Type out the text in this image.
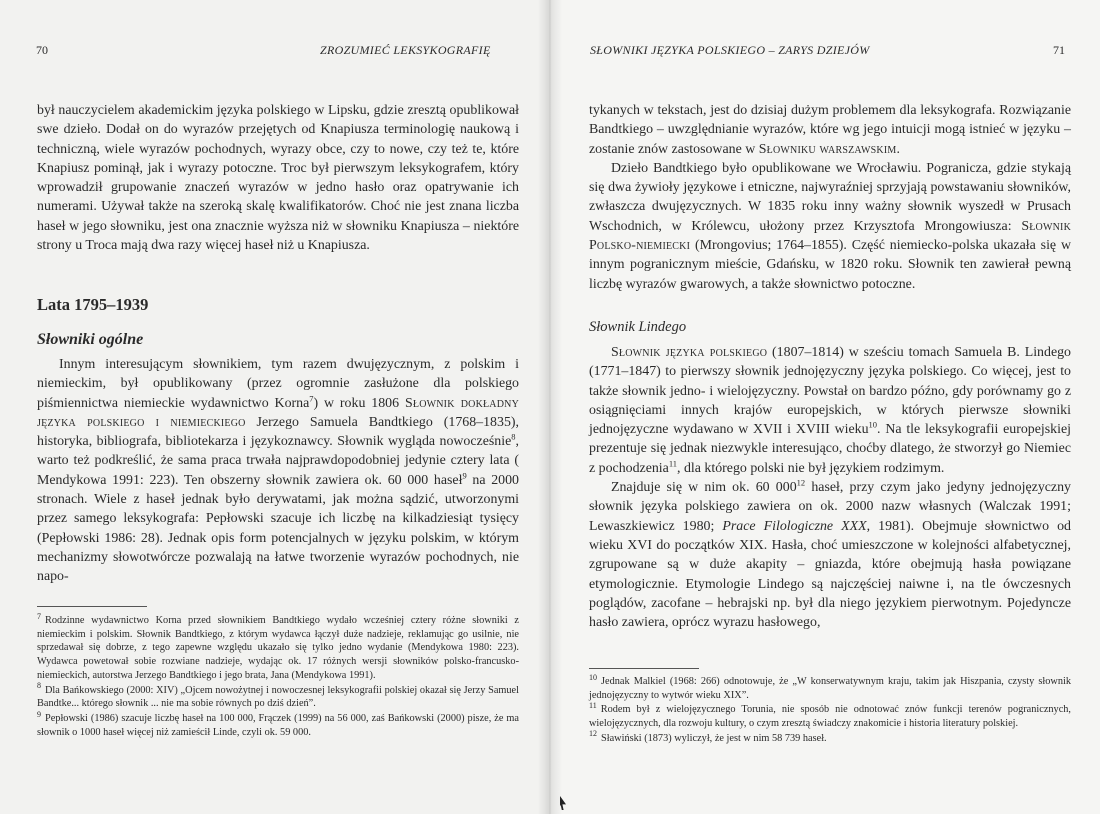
70	ZROZUMIEĆ LEKSYKOGRAFIĘ

był nauczycielem akademickim języka polskiego w Lipsku, gdzie zresztą opublikował swe dzieło. Dodał on do wyrazów przejętych od Knapiusza terminologię naukową i techniczną, wiele wyrazów pochodnych, wyrazy obce, czy to nowe, czy też te, które Knapiusz pominął, jak i wyrazy potoczne. Troc był pierwszym leksykografem, który wprowadził grupowanie znaczeń wyrazów w jedno hasło oraz opatrywanie ich numerami. Używał także na szeroką skalę kwalifikatorów. Choć nie jest znana liczba haseł w jego słowniku, jest ona znacznie wyższa niż w słowniku Knapiusza – niektóre strony u Troca mają dwa razy więcej haseł niż u Knapiusza.

Lata 1795–1939
Słowniki ogólne

Innym interesującym słownikiem, tym razem dwujęzycznym, z polskim i niemieckim, był opublikowany (przez ogromnie zasłużone dla polskiego piśmiennictwa niemieckie wydawnictwo Korna$^7$) w roku 1806 Słownik dokładny języka polskiego i niemieckiego Jerzego Samuela Bandtkiego (1768–1835), historyka, bibliografa, bibliotekarza i językoznawcy. Słownik wygląda nowocześnie$^8$, warto też podkreślić, że sama praca trwała najprawdopodobniej jedynie cztery lata ( Mendykowa 1991: 223). Ten obszerny słownik zawiera ok. 60 000 haseł$^9$ na 2000 stronach. Wiele z haseł jednak było derywatami, jak można sądzić, utworzonymi przez samego leksykografa: Pepłowski szacuje ich liczbę na kilkadziesiąt tysięcy (Pepłowski 1986: 28). Jednak opis form potencjalnych w języku polskim, w którym mechanizmy słowotwórcze pozwalają na łatwe tworzenie wyrazów pochodnych, nie napo-

$^7$ Rodzinne wydawnictwo Korna przed słownikiem Bandtkiego wydało wcześniej cztery różne słowniki z niemieckim i polskim. Słownik Bandtkiego, z którym wydawca łączył duże nadzieje, reklamując go usilnie, nie sprzedawał się dobrze, z tego zapewne względu ukazało się tylko jedno wydanie (Mendykowa 1980: 223). Wydawca powetował sobie rozwiane nadzieje, wydając ok. 17 różnych wersji słowników polsko-francusko-niemieckich, autorstwa Jerzego Bandtkiego i jego brata, Jana (Mendykowa 1991).

$^8$ Dla Bańkowskiego (2000: XIV) „Ojcem nowożytnej i nowoczesnej leksykografii polskiej okazał się Jerzy Samuel Bandtke... którego słownik ... nie ma sobie równych po dziś dzień”.

$^9$ Pepłowski (1986) szacuje liczbę haseł na 100 000, Frączek (1999) na 56 000, zaś Bańkowski (2000) pisze, że ma słownik o 1000 haseł więcej niż zamieścił Linde, czyli ok. 59 000.

SŁOWNIKI JĘZYKA POLSKIEGO – ZARYS DZIEJÓW	71

tykanych w tekstach, jest do dzisiaj dużym problemem dla leksykografa. Rozwiązanie Bandtkiego – uwzględnianie wyrazów, które wg jego intuicji mogą istnieć w języku – zostanie znów zastosowane w Słowniku warszawskim.

Dzieło Bandtkiego było opublikowane we Wrocławiu. Pogranicza, gdzie stykają się dwa żywioły językowe i etniczne, najwyraźniej sprzyjają powstawaniu słowników, zwłaszcza dwujęzycznych. W 1835 roku inny ważny słownik wyszedł w Prusach Wschodnich, w Królewcu, ułożony przez Krzysztofa Mrongowiusza: Słownik Polsko-niemiecki (Mrongovius; 1764–1855). Część niemiecko-polska ukazała się w innym pogranicznym mieście, Gdańsku, w 1820 roku. Słownik ten zawierał pewną liczbę wyrazów gwarowych, a także słownictwo potoczne.

Słownik Lindego

Słownik języka polskiego (1807–1814) w sześciu tomach Samuela B. Lindego (1771–1847) to pierwszy słownik jednojęzyczny języka polskiego. Co więcej, jest to także słownik jedno- i wielojęzyczny. Powstał on bardzo późno, gdy porównamy go z osiągnięciami innych krajów europejskich, w których pierwsze słowniki jednojęzyczne wydawano w XVII i XVIII wieku$^{10}$. Na tle leksykografii europejskiej prezentuje się jednak niezwykle interesująco, choćby dlatego, że stworzył go Niemiec z pochodzenia$^{11}$, dla którego polski nie był językiem rodzimym.

Znajduje się w nim ok. 60 $000^{12}$ haseł, przy czym jako jedyny jednojęzyczny słownik języka polskiego zawiera on ok. 2000 nazw własnych (Walczak 1991; Lewaszkiewicz 1980; Prace Filologiczne XXX, 1981). Obejmuje słownictwo od wieku XVI do początków XIX. Hasła, choć umieszczone w kolejności alfabetycznej, zgrupowane są w duże akapity – gniazda, które obejmują hasła powiązane etymologicznie. Etymologie Lindego są najczęściej naiwne i, na tle ówczesnych poglądów, zacofane – hebrajski np. był dla niego językiem pierwotnym. Pojedyncze hasło zawiera, oprócz wyrazu hasłowego,

$^{10}$ Jednak Malkiel (1968: 266) odnotowuje, że „W konserwatywnym kraju, takim jak Hiszpania, czysty słownik jednojęzyczny to wytwór wieku XIX”.

$^{11}$ Rodem był z wielojęzycznego Torunia, nie sposób nie odnotować znów funkcji terenów pogranicznych, wielojęzycznych, dla rozwoju kultury, o czym zresztą świadczy znakomicie i historia literatury polskiej.

$^{12}$ Sławiński (1873) wyliczył, że jest w nim 58 739 haseł.
